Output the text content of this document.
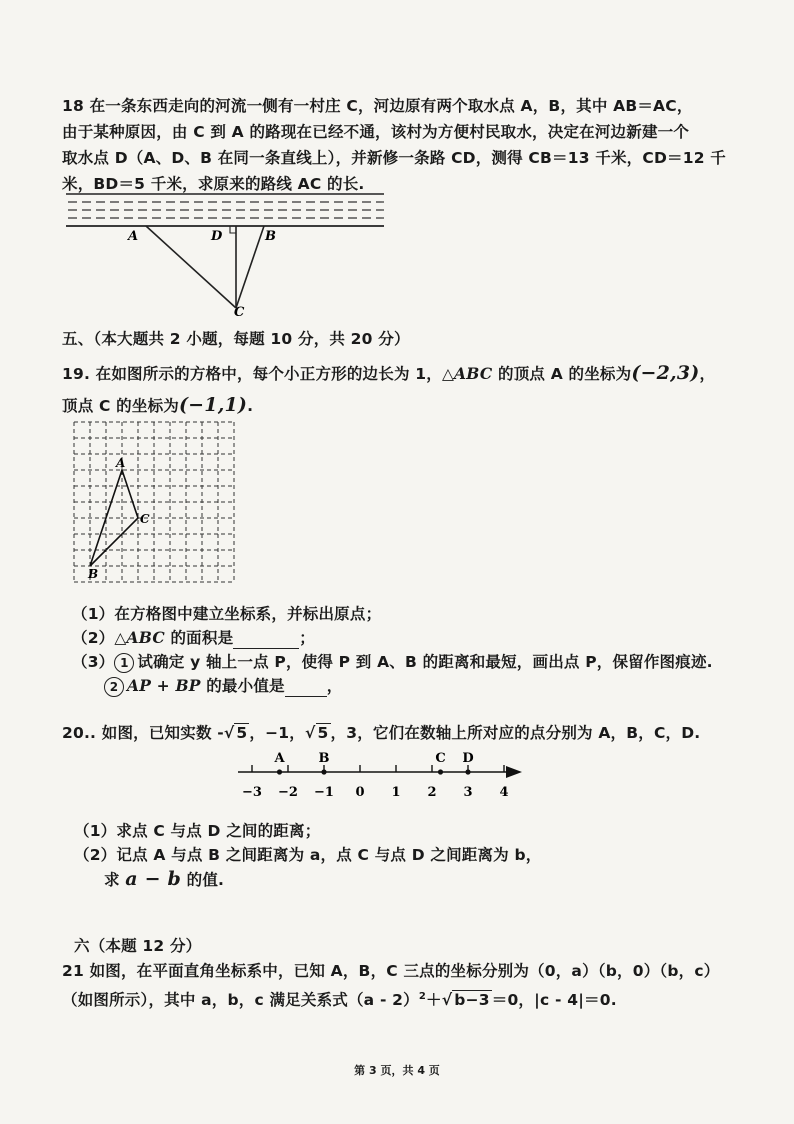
18 在一条东西走向的河流一侧有一村庄 C，河边原有两个取水点 A，B，其中 AB＝AC，
由于某种原因，由 C 到 A 的路现在已经不通，该村为方便村民取水，决定在河边新建一个
取水点 D（A、D、B 在同一条直线上），并新修一条路 CD，测得 CB＝13 千米，CD＝12 千
米，BD＝5 千米，求原来的路线 AC 的长.
A	D	B
C
五、（本大题共 2 小题，每题 10 分，共 20 分）
19. 在如图所示的方格中，每个小正方形的边长为 1，△ABC 的顶点 A 的坐标为(−2,3)，
顶点 C 的坐标为(−1,1).
A
B
C
（1）在方格图中建立坐标系，并标出原点；
（2）△ABC 的面积是	；
（3） 1 试确定 y 轴上一点 P，使得 P 到 A、B 的距离和最短，画出点 P，保留作图痕迹.
2 AP + BP 的最小值是	，
20.. 如图，已知实数 -√ 5 ，−1，√ 5 ，3，它们在数轴上所对应的点分别为 A，B，C，D.
−3 −2 −1 0 1 2 3 4
A	B	C D
（1）求点 C 与点 D 之间的距离；
（2）记点 A 与点 B 之间距离为 a，点 C 与点 D 之间距离为 b，
求 a − b 的值.
六（本题 12 分）
21 如图，在平面直角坐标系中，已知 A，B，C 三点的坐标分别为（0，a）（b，0）（b，c）
（如图所示），其中 a，b，c 满足关系式（a - 2）$^2$＋√ b−3 ＝0，|c - 4|＝0.
第 3 页，共 4 页
